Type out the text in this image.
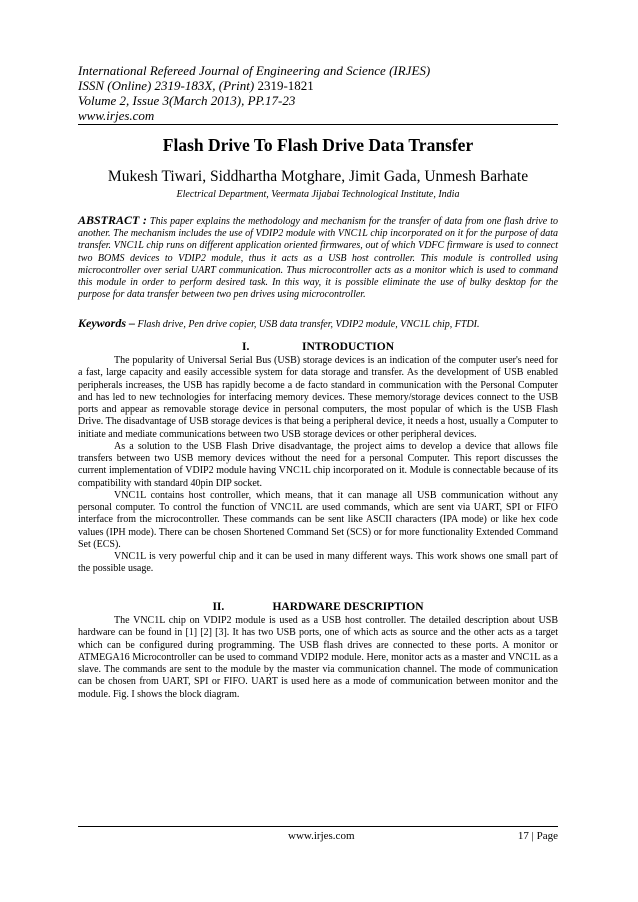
International Refereed Journal of Engineering and Science (IRJES)
ISSN (Online) 2319-183X, (Print) 2319-1821
Volume 2, Issue 3(March 2013), PP.17-23
www.irjes.com
Flash Drive To Flash Drive Data Transfer
Mukesh Tiwari, Siddhartha Motghare, Jimit Gada, Unmesh Barhate
Electrical Department, Veermata Jijabai Technological Institute, India
ABSTRACT : This paper explains the methodology and mechanism for the transfer of data from one flash drive to another. The mechanism includes the use of VDIP2 module with VNC1L chip incorporated on it for the purpose of data transfer. VNC1L chip runs on different application oriented firmwares, out of which VDFC firmware is used to connect two BOMS devices to VDIP2 module, thus it acts as a USB host controller. This module is controlled using microcontroller over serial UART communication. Thus microcontroller acts as a monitor which is used to command this module in order to perform desired task. In this way, it is possible eliminate the use of bulky desktop for the purpose for data transfer between two pen drives using microcontroller.
Keywords – Flash drive, Pen drive copier, USB data transfer, VDIP2 module, VNC1L chip, FTDI.
I.	INTRODUCTION

The popularity of Universal Serial Bus (USB) storage devices is an indication of the computer user's need for a fast, large capacity and easily accessible system for data storage and transfer. As the development of USB enabled peripherals increases, the USB has rapidly become a de facto standard in communication with the Personal Computer and has led to new technologies for interfacing memory devices. These memory/storage devices connect to the USB ports and appear as removable storage device in personal computers, the most popular of which is the USB Flash Drive. The disadvantage of USB storage devices is that being a peripheral device, it needs a host, usually a Computer to initiate and mediate communications between two USB storage devices or other peripheral devices.

As a solution to the USB Flash Drive disadvantage, the project aims to develop a device that allows file transfers between two USB memory devices without the need for a personal Computer. This report discusses the current implementation of VDIP2 module having VNC1L chip incorporated on it. Module is connectable because of its compatibility with standard 40pin DIP socket.

VNC1L contains host controller, which means, that it can manage all USB communication without any personal computer. To control the function of VNC1L are used commands, which are sent via UART, SPI or FIFO interface from the microcontroller. These commands can be sent like ASCII characters (IPA mode) or like hex code values (IPH mode). There can be chosen Shortened Command Set (SCS) or for more functionality Extended Command Set (ECS).

VNC1L is very powerful chip and it can be used in many different ways. This work shows one small part of the possible usage.

II.	HARDWARE DESCRIPTION

The VNC1L chip on VDIP2 module is used as a USB host controller. The detailed description about USB hardware can be found in [1] [2] [3]. It has two USB ports, one of which acts as source and the other acts as a target which can be configured during programming. The USB flash drives are connected to these ports. A monitor or ATMEGA16 Microcontroller can be used to command VDIP2 module. Here, monitor acts as a master and VNC1L as a slave. The commands are sent to the module by the master via communication channel. The mode of communication can be chosen from UART, SPI or FIFO. UART is used here as a mode of communication between monitor and the module. Fig. I shows the block diagram.

www.irjes.com	17 | Page
